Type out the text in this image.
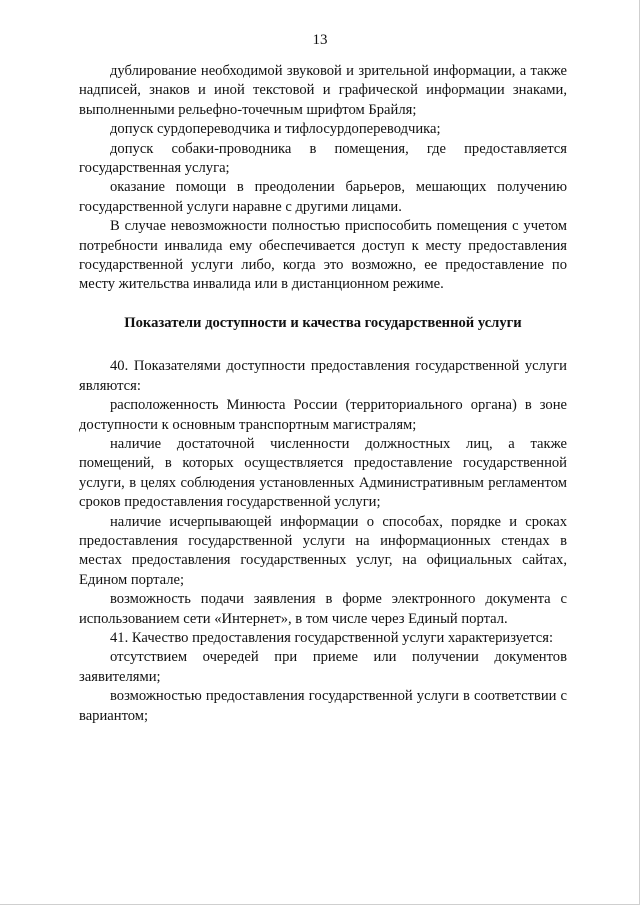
13

дублирование необходимой звуковой и зрительной информации, а также надписей, знаков и иной текстовой и графической информации знаками, выполненными рельефно-точечным шрифтом Брайля;

допуск сурдопереводчика и тифлосурдопереводчика;

допуск собаки-проводника в помещения, где предоставляется государственная услуга;

оказание помощи в преодолении барьеров, мешающих получению государственной услуги наравне с другими лицами.

В случае невозможности полностью приспособить помещения с учетом потребности инвалида ему обеспечивается доступ к месту предоставления государственной услуги либо, когда это возможно, ее предоставление по месту жительства инвалида или в дистанционном режиме.

Показатели доступности и качества государственной услуги

40. Показателями доступности предоставления государственной услуги являются:

расположенность Минюста России (территориального органа) в зоне доступности к основным транспортным магистралям;

наличие достаточной численности должностных лиц, а также помещений, в которых осуществляется предоставление государственной услуги, в целях соблюдения установленных Административным регламентом сроков предоставления государственной услуги;

наличие исчерпывающей информации о способах, порядке и сроках предоставления государственной услуги на информационных стендах в местах предоставления государственных услуг, на официальных сайтах, Едином портале;

возможность подачи заявления в форме электронного документа с использованием сети «Интернет», в том числе через Единый портал.

41. Качество предоставления государственной услуги характеризуется:

отсутствием очередей при приеме или получении документов заявителями;

возможностью предоставления государственной услуги в соответствии с вариантом;
